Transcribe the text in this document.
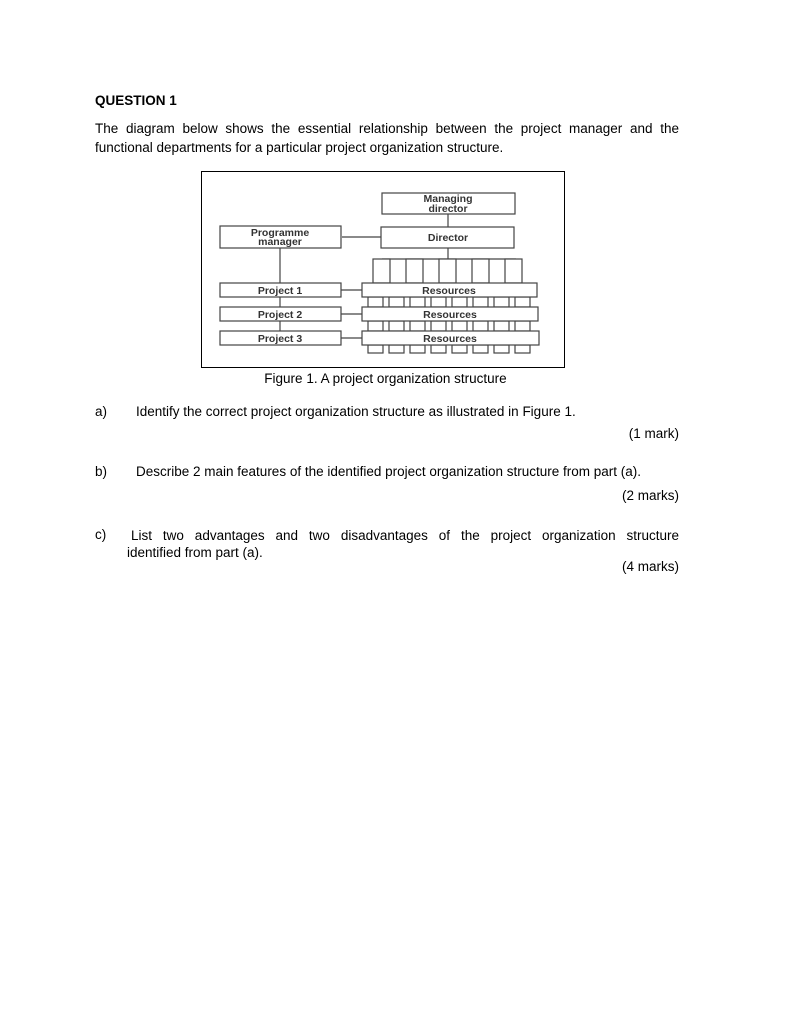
QUESTION 1
The diagram below shows the essential relationship between the project manager and the functional departments for a particular project organization structure.
Managing
director
Director
Programme
manager
Project 1
Project 2
Project 3
Resources
Resources
Resources
Figure 1. A project organization structure
a) Identify the correct project organization structure as illustrated in Figure 1.
(1 mark)
b) Describe 2 main features of the identified project organization structure from part (a).
(2 marks)
c) List two advantages and two disadvantages of the project organization structure
identified from part (a).
(4 marks)
